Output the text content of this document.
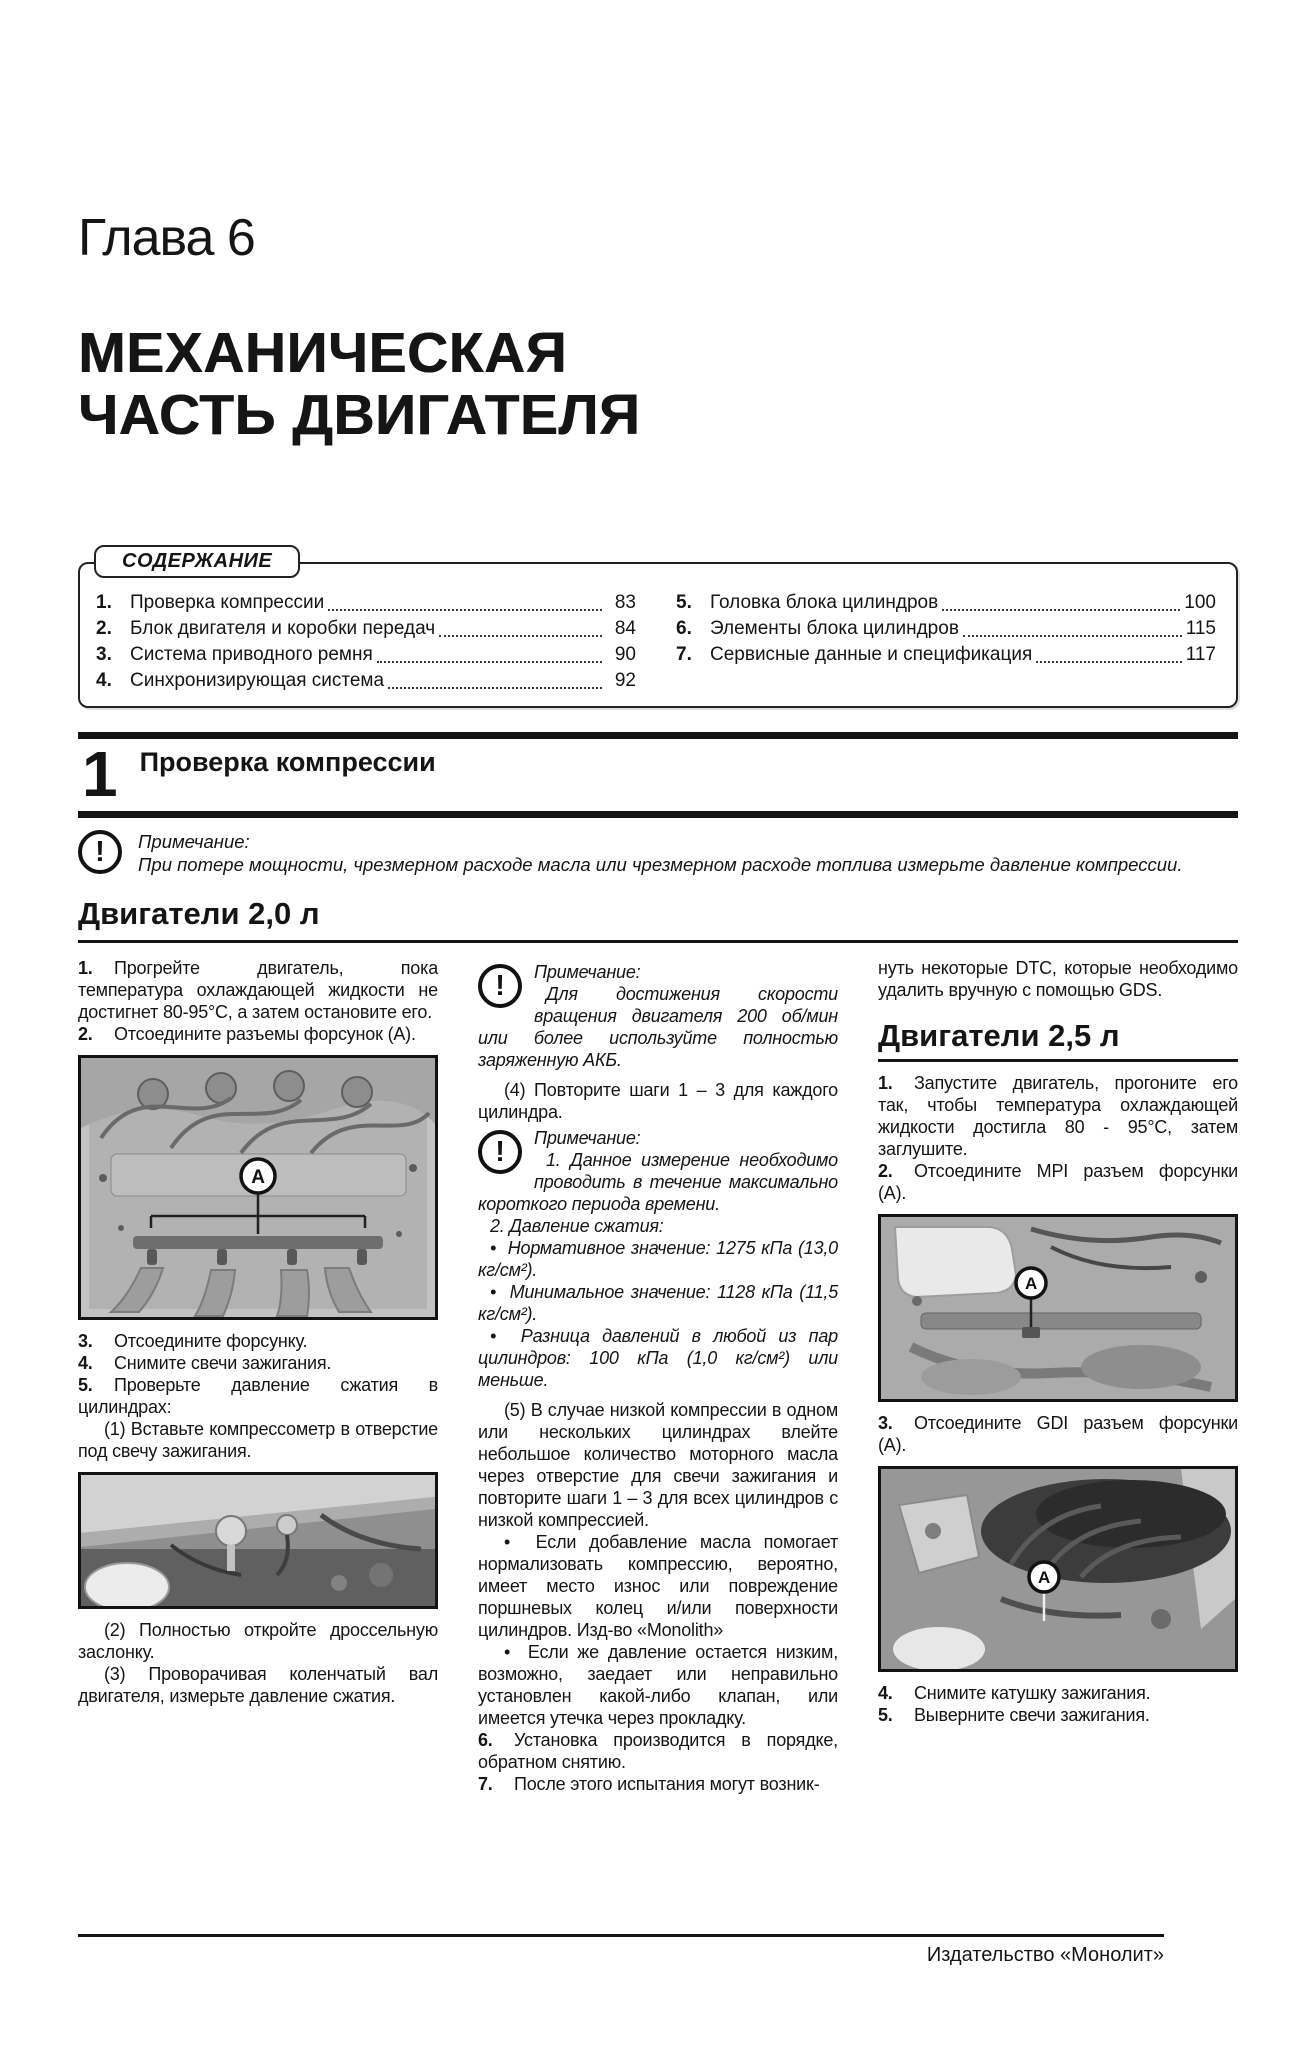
Глава 6
МЕХАНИЧЕСКАЯ
ЧАСТЬ ДВИГАТЕЛЯ
СОДЕРЖАНИЕ
1. Проверка компрессии	83
2. Блок двигателя и коробки передач	84
3. Система приводного ремня	90
4. Синхронизирующая система	92
5. Головка блока цилиндров	100
6. Элементы блока цилиндров	115
7. Сервисные данные и спецификация	117
1 Проверка компрессии
!	Примечание:
При потере мощности, чрезмерном расходе масла или чрезмерном расходе топлива измерьте давление компрессии.
Двигатели 2,0 л
1. Прогрейте двигатель, пока температура охлаждающей жидкости не достигнет 80-95°С, а затем остановите его.
2. Отсоедините разъемы форсунок (А).
А
3. Отсоедините форсунку.
4. Снимите свечи зажигания.
5. Проверьте давление сжатия в цилиндрах:
(1) Вставьте компрессометр в отверстие под свечу зажигания.
(2) Полностью откройте дроссельную заслонку.
(3) Проворачивая коленчатый вал двигателя, измерьте давление сжатия.
!	Примечание:
Для достижения скорости вращения двигателя 200 об/мин или более используйте полностью заряженную АКБ.
(4) Повторите шаги 1 – 3 для каждого цилиндра.
!	Примечание:
1. Данное измерение необходимо проводить в течение максимально короткого периода времени.
2. Давление сжатия:
•  Нормативное значение: 1275 кПа (13,0 кг/см²).
•  Минимальное значение: 1128 кПа (11,5 кг/см²).
•  Разница давлений в любой из пар цилиндров: 100 кПа (1,0 кг/см²) или меньше.
(5) В случае низкой компрессии в одном или нескольких цилиндрах влейте небольшое количество моторного масла через отверстие для свечи зажигания и повторите шаги 1 – 3 для всех цилиндров с низкой компрессией.
•  Если добавление масла помогает нормализовать компрессию, вероятно, имеет место износ или повреждение поршневых колец и/или поверхности цилиндров. Изд-во «Monolith»
•  Если же давление остается низким, возможно, заедает или неправильно установлен какой-либо клапан, или имеется утечка через прокладку.
6. Установка производится в порядке, обратном снятию.
7. После этого испытания могут возник-
нуть некоторые DTC, которые необходимо удалить вручную с помощью GDS.
Двигатели 2,5 л
1. Запустите двигатель, прогоните его так, чтобы температура охлаждающей жидкости достигла 80 - 95°С, затем заглушите.
2. Отсоедините MPI разъем форсунки (А).
А
3. Отсоедините GDI разъем форсунки (А).
А
4. Снимите катушку зажигания.
5. Выверните свечи зажигания.
Издательство «Монолит»
